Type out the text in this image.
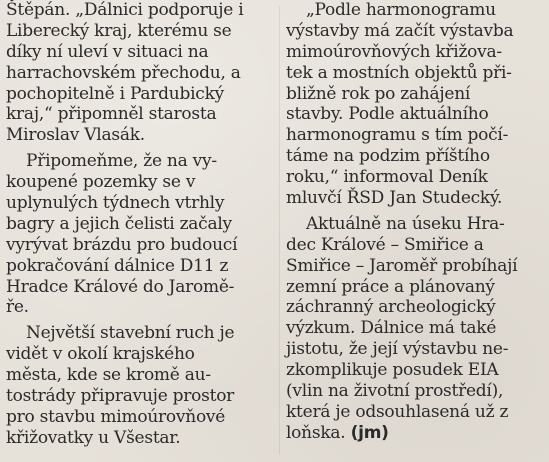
Štěpán. „Dálnici podporuje i
Liberecký kraj, kterému se
díky ní uleví v situaci na
harrachovském přechodu, a
pochopitelně i Pardubický
kraj,“ připomněl starosta
Miroslav Vlasák.
Připomeňme, že na vy-
koupené pozemky se v
uplynulých týdnech vtrhly
bagry a jejich čelisti začaly
vyrývat brázdu pro budoucí
pokračování dálnice D11 z
Hradce Králové do Jaromě-
ře.
Největší stavební ruch je
vidět v okolí krajského
města, kde se kromě au-
tostrády připravuje prostor
pro stavbu mimoúrovňové
křižovatky u Všestar.
„Podle harmonogramu
výstavby má začít výstavba
mimoúrovňových křižova-
tek a mostních objektů při-
bližně rok po zahájení
stavby. Podle aktuálního
harmonogramu s tím počí-
táme na podzim příštího
roku,“ informoval Deník
mluvčí ŘSD Jan Studecký.
Aktuálně na úseku Hra-
dec Králové – Smiřice a
Smiřice – Jaroměř probíhají
zemní práce a plánovaný
záchranný archeologický
výzkum. Dálnice má také
jistotu, že její výstavbu ne-
zkomplikuje posudek EIA
(vlin na životní prostředí),
která je odsouhlasená už z
loňska. (jm)
